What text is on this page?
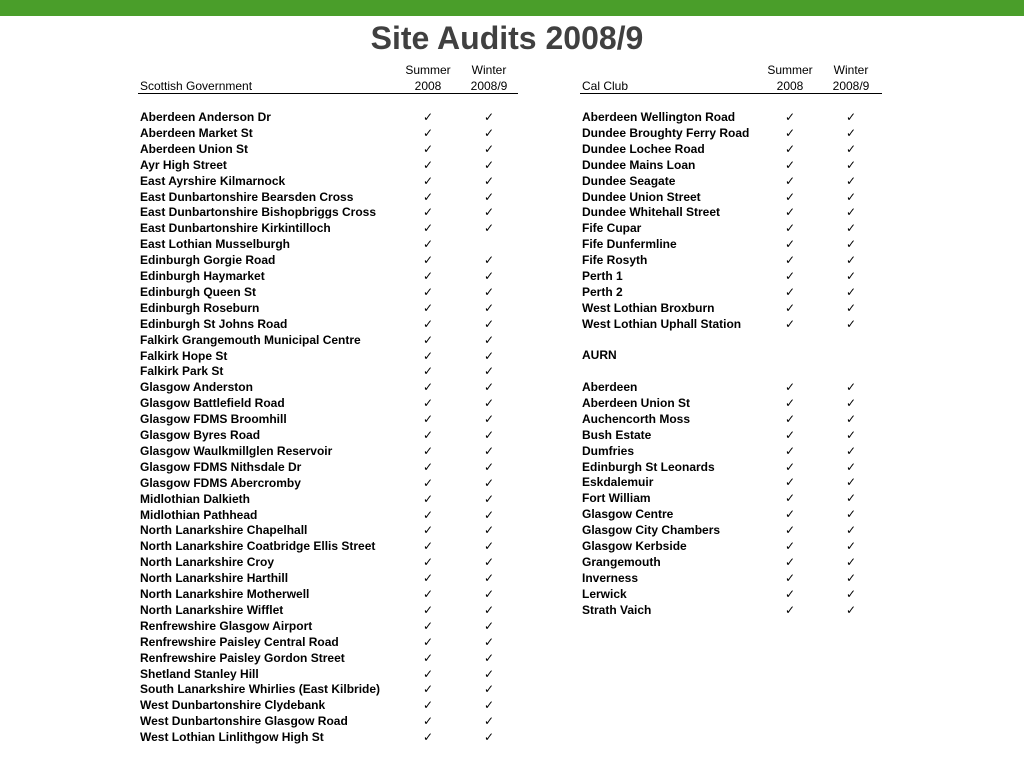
Site Audits 2008/9
Summer	Winter
Scottish Government	2008	2008/9
Summer	Winter
Cal Club	2008	2008/9
Aberdeen Anderson Dr	✓	✓
Aberdeen Market St	✓	✓
Aberdeen Union St	✓	✓
Ayr High Street	✓	✓
East Ayrshire Kilmarnock	✓	✓
East Dunbartonshire Bearsden Cross	✓	✓
East Dunbartonshire Bishopbriggs Cross	✓	✓
East Dunbartonshire Kirkintilloch	✓	✓
East Lothian Musselburgh	✓
Edinburgh Gorgie Road	✓	✓
Edinburgh Haymarket	✓	✓
Edinburgh Queen St	✓	✓
Edinburgh Roseburn	✓	✓
Edinburgh St Johns Road	✓	✓
Falkirk Grangemouth Municipal Centre	✓	✓
Falkirk Hope St	✓	✓
Falkirk Park St	✓	✓
Glasgow Anderston	✓	✓
Glasgow Battlefield Road	✓	✓
Glasgow FDMS Broomhill	✓	✓
Glasgow Byres Road	✓	✓
Glasgow Waulkmillglen Reservoir	✓	✓
Glasgow FDMS Nithsdale Dr	✓	✓
Glasgow FDMS Abercromby	✓	✓
Midlothian Dalkieth	✓	✓
Midlothian Pathhead	✓	✓
North Lanarkshire Chapelhall	✓	✓
North Lanarkshire Coatbridge Ellis Street	✓	✓
North Lanarkshire Croy	✓	✓
North Lanarkshire Harthill	✓	✓
North Lanarkshire Motherwell	✓	✓
North Lanarkshire Wifflet	✓	✓
Renfrewshire Glasgow Airport	✓	✓
Renfrewshire Paisley Central Road	✓	✓
Renfrewshire Paisley Gordon Street	✓	✓
Shetland Stanley Hill	✓	✓
South Lanarkshire Whirlies (East Kilbride)	✓	✓
West Dunbartonshire Clydebank	✓	✓
West Dunbartonshire Glasgow Road	✓	✓
West Lothian Linlithgow High St	✓	✓
Aberdeen Wellington Road	✓	✓
Dundee Broughty Ferry Road	✓	✓
Dundee Lochee Road	✓	✓
Dundee Mains Loan	✓	✓
Dundee Seagate	✓	✓
Dundee Union Street	✓	✓
Dundee Whitehall Street	✓	✓
Fife Cupar	✓	✓
Fife Dunfermline	✓	✓
Fife Rosyth	✓	✓
Perth 1	✓	✓
Perth 2	✓	✓
West Lothian Broxburn	✓	✓
West Lothian Uphall Station	✓	✓
AURN
Aberdeen	✓	✓
Aberdeen Union St	✓	✓
Auchencorth Moss	✓	✓
Bush Estate	✓	✓
Dumfries	✓	✓
Edinburgh St Leonards	✓	✓
Eskdalemuir	✓	✓
Fort William	✓	✓
Glasgow Centre	✓	✓
Glasgow City Chambers	✓	✓
Glasgow Kerbside	✓	✓
Grangemouth	✓	✓
Inverness	✓	✓
Lerwick	✓	✓
Strath Vaich	✓	✓
